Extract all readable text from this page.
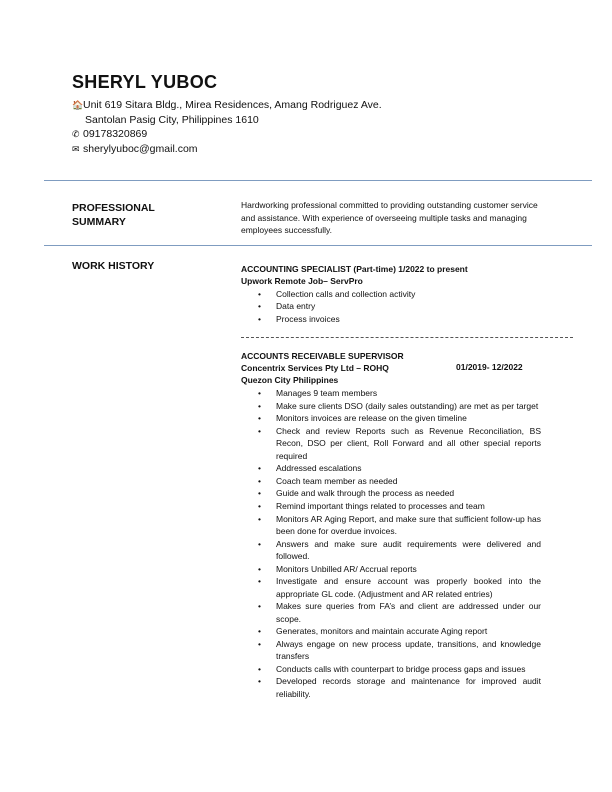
SHERYL YUBOC
🏠Unit 619 Sitara Bldg., Mirea Residences, Amang Rodriguez Ave.
Santolan Pasig City, Philippines 1610
✆ 09178320869
✉ sherylyuboc@gmail.com
PROFESSIONAL
SUMMARY
Hardworking professional committed to providing outstanding customer service and assistance. With experience of overseeing multiple tasks and managing employees successfully.
WORK HISTORY	ACCOUNTING SPECIALIST (Part-time) 1/2022 to present
Upwork Remote Job– ServPro
• Collection calls and collection activity
• Data entry
• Process invoices
ACCOUNTS RECEIVABLE SUPERVISOR
Concentrix Services Pty Ltd – ROHQ	01/2019- 12/2022
Quezon City Philippines
• Manages 9 team members
• Make sure clients DSO (daily sales outstanding) are met as per target
• Monitors invoices are release on the given timeline
• Check and review Reports such as Revenue Reconciliation, BS Recon, DSO per client, Roll Forward and all other special reports required
• Addressed escalations
• Coach team member as needed
• Guide and walk through the process as needed
• Remind important things related to processes and team
• Monitors AR Aging Report, and make sure that sufficient follow-up has been done for overdue invoices.
• Answers and make sure audit requirements were delivered and followed.
• Monitors Unbilled AR/ Accrual reports
• Investigate and ensure account was properly booked into the appropriate GL code. (Adjustment and AR related entries)
• Makes sure queries from FA’s and client are addressed under our scope.
• Generates, monitors and maintain accurate Aging report
• Always engage on new process update, transitions, and knowledge transfers
• Conducts calls with counterpart to bridge process gaps and issues
• Developed records storage and maintenance for improved audit reliability.
